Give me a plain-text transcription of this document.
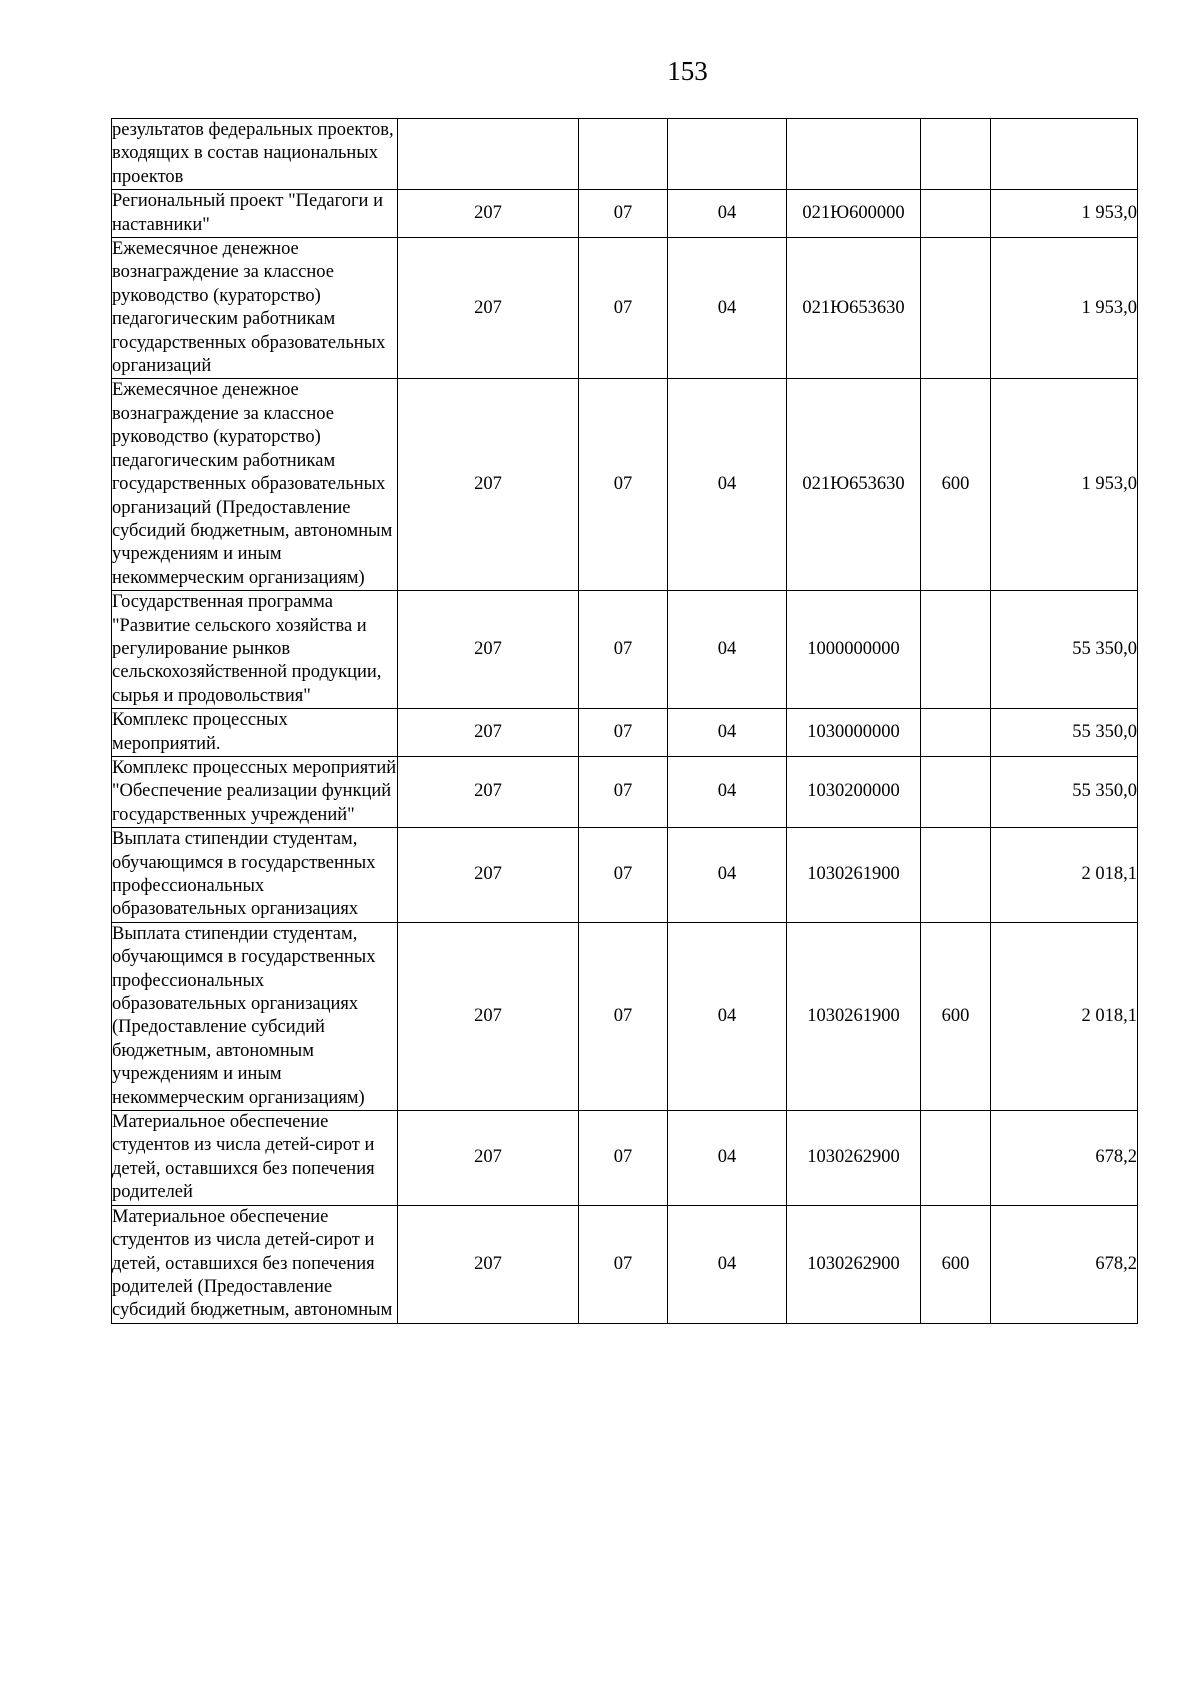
153
результатов федеральных проектов, входящих в состав национальных проектов						
Региональный проект "Педагоги и наставники"	207	07	04	021Ю600000		1 953,0
Ежемесячное денежное вознаграждение за классное руководство (кураторство) педагогическим работникам государственных образовательных организаций	207	07	04	021Ю653630		1 953,0
Ежемесячное денежное вознаграждение за классное руководство (кураторство) педагогическим работникам государственных образовательных организаций (Предоставление субсидий бюджетным, автономным учреждениям и иным некоммерческим организациям)	207	07	04	021Ю653630	600	1 953,0
Государственная программа "Развитие сельского хозяйства и регулирование рынков сельскохозяйственной продукции, сырья и продовольствия"	207	07	04	1000000000		55 350,0
Комплекс процессных мероприятий.	207	07	04	1030000000		55 350,0
Комплекс процессных мероприятий "Обеспечение реализации функций государственных учреждений"	207	07	04	1030200000		55 350,0
Выплата стипендии студентам, обучающимся в государственных профессиональных образовательных организациях	207	07	04	1030261900		2 018,1
Выплата стипендии студентам, обучающимся в государственных профессиональных образовательных организациях (Предоставление субсидий бюджетным, автономным учреждениям и иным некоммерческим организациям)	207	07	04	1030261900	600	2 018,1
Материальное обеспечение студентов из числа детей-сирот и детей, оставшихся без попечения родителей	207	07	04	1030262900		678,2
Материальное обеспечение студентов из числа детей-сирот и детей, оставшихся без попечения родителей (Предоставление субсидий бюджетным, автономным	207	07	04	1030262900	600	678,2
